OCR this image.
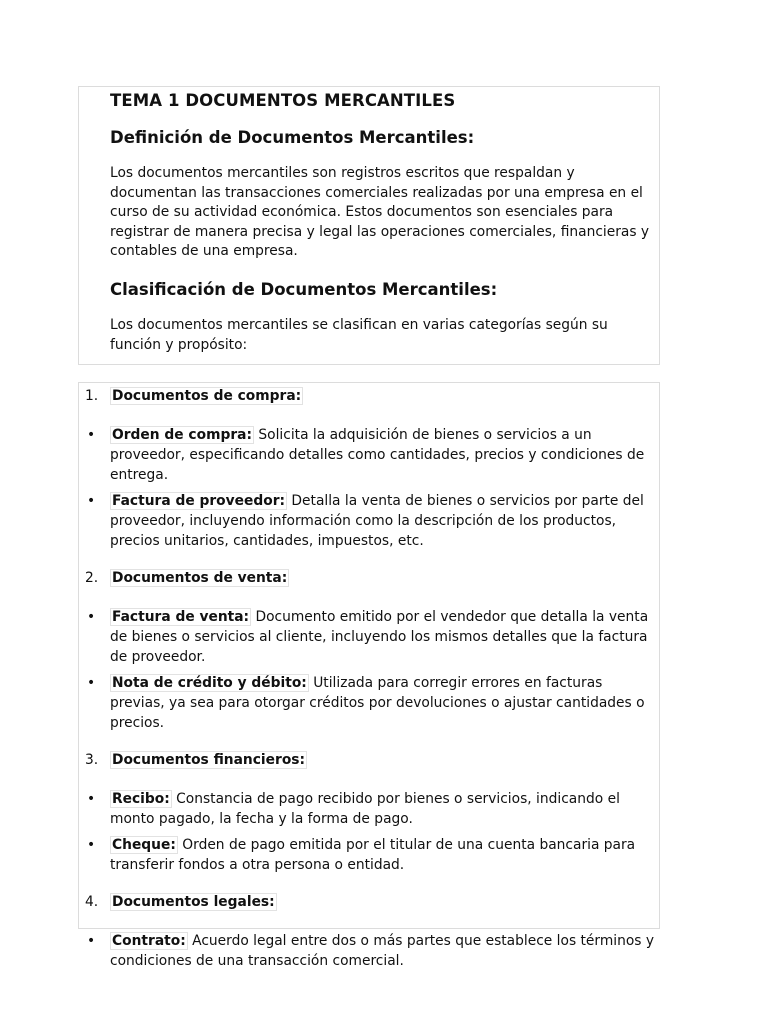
TEMA 1 DOCUMENTOS MERCANTILES
Definición de Documentos Mercantiles:
Los documentos mercantiles son registros escritos que respaldan y documentan las transacciones comerciales realizadas por una empresa en el curso de su actividad económica. Estos documentos son esenciales para registrar de manera precisa y legal las operaciones comerciales, financieras y contables de una empresa.
Clasificación de Documentos Mercantiles:
Los documentos mercantiles se clasifican en varias categorías según su función y propósito:
1. Documentos de compra:
• Orden de compra: Solicita la adquisición de bienes o servicios a un proveedor, especificando detalles como cantidades, precios y condiciones de entrega.
• Factura de proveedor: Detalla la venta de bienes o servicios por parte del proveedor, incluyendo información como la descripción de los productos, precios unitarios, cantidades, impuestos, etc.
2. Documentos de venta:
• Factura de venta: Documento emitido por el vendedor que detalla la venta de bienes o servicios al cliente, incluyendo los mismos detalles que la factura de proveedor.
• Nota de crédito y débito: Utilizada para corregir errores en facturas previas, ya sea para otorgar créditos por devoluciones o ajustar cantidades o precios.
3. Documentos financieros:
• Recibo: Constancia de pago recibido por bienes o servicios, indicando el monto pagado, la fecha y la forma de pago.
• Cheque: Orden de pago emitida por el titular de una cuenta bancaria para transferir fondos a otra persona o entidad.
4. Documentos legales:
• Contrato: Acuerdo legal entre dos o más partes que establece los términos y condiciones de una transacción comercial.
